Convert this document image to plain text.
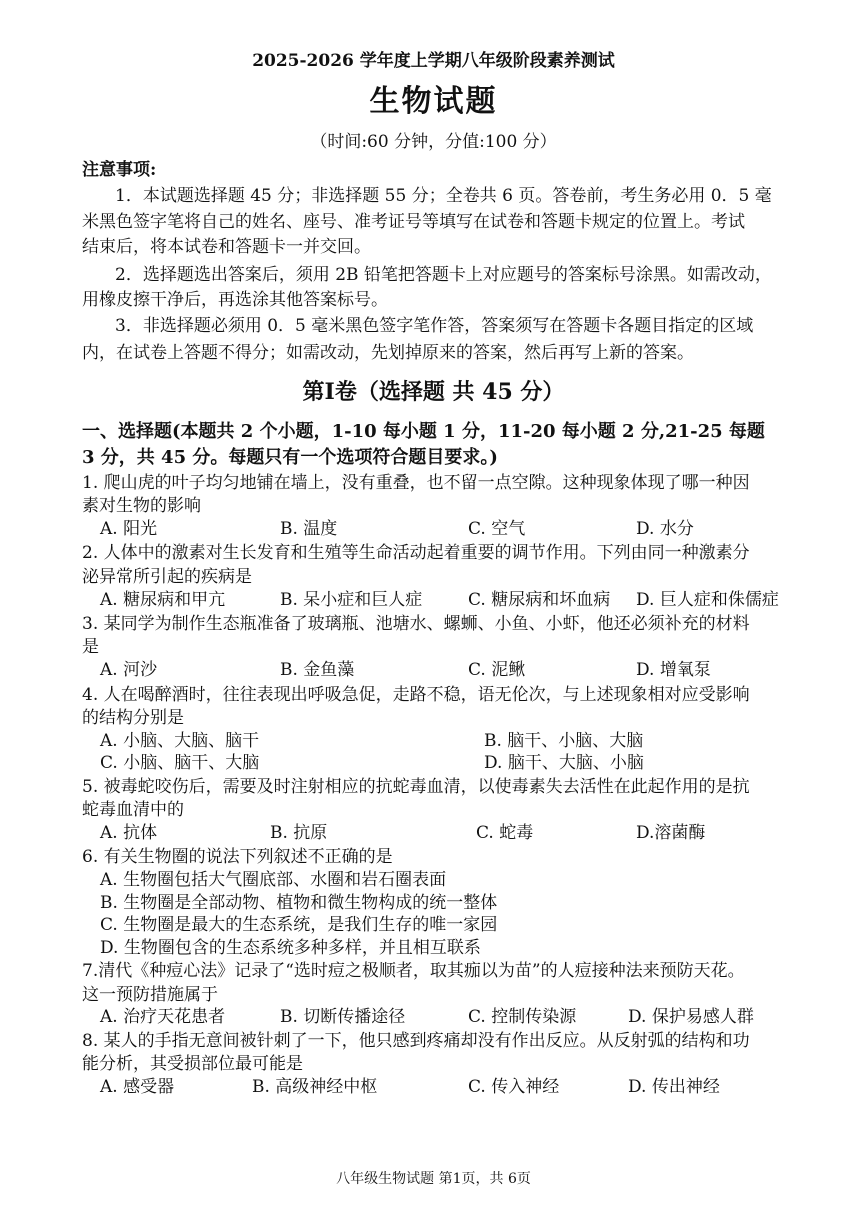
2025-2026 学年度上学期八年级阶段素养测试
生物试题
（时间:60 分钟，分值:100 分）
注意事项:
1．本试题选择题 45 分；非选择题 55 分；全卷共 6 页。答卷前，考生务必用 0．5 毫
米黑色签字笔将自己的姓名、座号、准考证号等填写在试卷和答题卡规定的位置上。考试
结束后，将本试卷和答题卡一并交回。
2．选择题选出答案后，须用 2B 铅笔把答题卡上对应题号的答案标号涂黑。如需改动，
用橡皮擦干净后，再选涂其他答案标号。
3．非选择题必须用 0．5 毫米黑色签字笔作答，答案须写在答题卡各题目指定的区域
内，在试卷上答题不得分；如需改动，先划掉原来的答案，然后再写上新的答案。
第Ⅰ卷（选择题 共 45 分）
一、选择题(本题共 2 个小题，1-10 每小题 1 分，11-20 每小题 2 分,21-25 每题
3 分，共 45 分。每题只有一个选项符合题目要求。)
1. 爬山虎的叶子均匀地铺在墙上，没有重叠，也不留一点空隙。这种现象体现了哪一种因
素对生物的影响
A. 阳光	B. 温度	C. 空气	D. 水分
2. 人体中的激素对生长发育和生殖等生命活动起着重要的调节作用。下列由同一种激素分
泌异常所引起的疾病是
A. 糖尿病和甲亢	B. 呆小症和巨人症	C. 糖尿病和坏血病 D. 巨人症和侏儒症
3. 某同学为制作生态瓶准备了玻璃瓶、池塘水、螺蛳、小鱼、小虾，他还必须补充的材料
是
A. 河沙	B. 金鱼藻	C. 泥鳅	D. 增氧泵
4. 人在喝醉酒时，往往表现出呼吸急促，走路不稳，语无伦次，与上述现象相对应受影响
的结构分别是
A. 小脑、大脑、脑干	B. 脑干、小脑、大脑
C. 小脑、脑干、大脑	D. 脑干、大脑、小脑
5. 被毒蛇咬伤后，需要及时注射相应的抗蛇毒血清，以使毒素失去活性在此起作用的是抗
蛇毒血清中的
A. 抗体	B. 抗原	C. 蛇毒	D.溶菌酶
6. 有关生物圈的说法下列叙述不正确的是
A. 生物圈包括大气圈底部、水圈和岩石圈表面
B. 生物圈是全部动物、植物和微生物构成的统一整体
C. 生物圈是最大的生态系统，是我们生存的唯一家园
D. 生物圈包含的生态系统多种多样，并且相互联系
7.清代《种痘心法》记录了“选时痘之极顺者，取其痂以为苗”的人痘接种法来预防天花。
这一预防措施属于
A. 治疗天花患者	B. 切断传播途径	C. 控制传染源	D. 保护易感人群
8. 某人的手指无意间被针刺了一下，他只感到疼痛却没有作出反应。从反射弧的结构和功
能分析，其受损部位最可能是
A. 感受器	B. 高级神经中枢	C. 传入神经	D. 传出神经
八年级生物试题 第1页，共 6页
